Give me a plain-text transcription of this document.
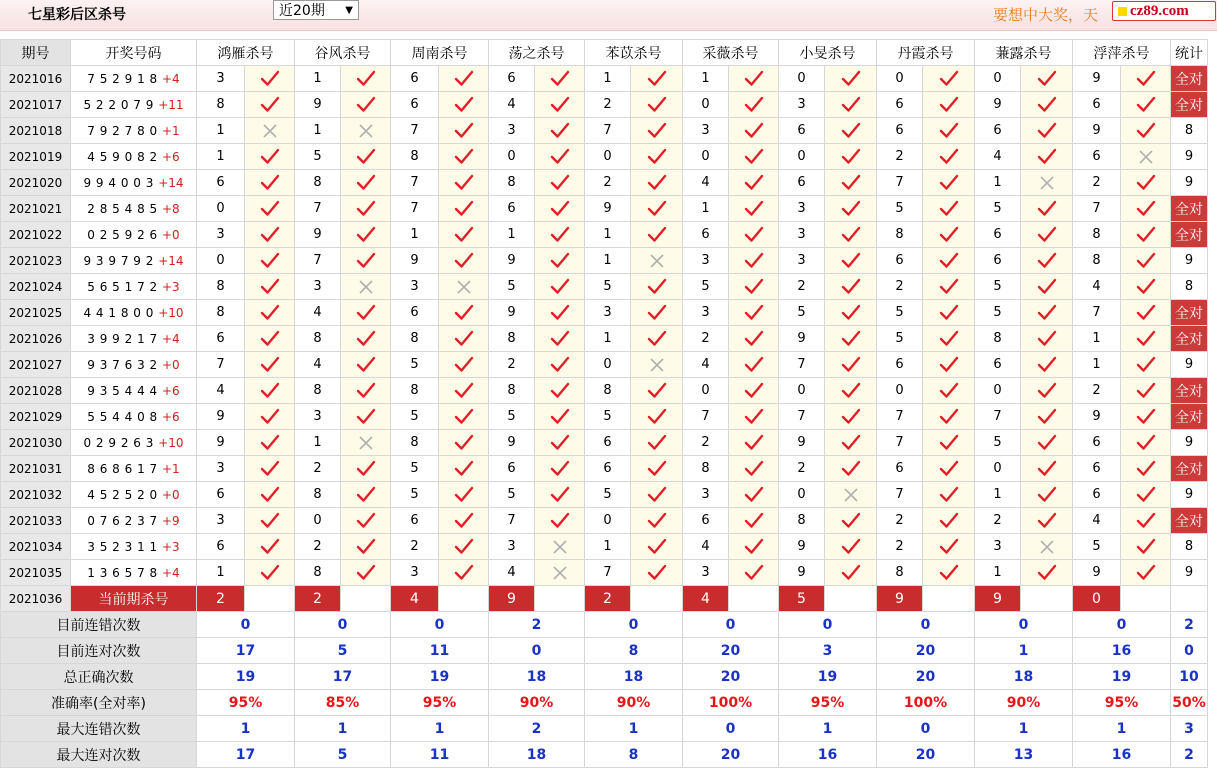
七星彩后区杀号	近20期 ▼	要想中大奖，天 cz89.com
期号	开奖号码	鸿雁杀号		谷风杀号		周南杀号		荡之杀号		苯苡杀号		采薇杀号		小旻杀号		丹霞杀号		蒹露杀号		浮萍杀号		统计
2021016	7 5 2 9 1 8 +4	3		1		6		6		1		1		0		0		0		9		全对
2021017	5 2 2 0 7 9 +11	8		9		6		4		2		0		3		6		9		6		全对
2021018	7 9 2 7 8 0 +1	1		1		7		3		7		3		6		6		6		9		8
2021019	4 5 9 0 8 2 +6	1		5		8		0		0		0		0		2		4		6		9
2021020	9 9 4 0 0 3 +14	6		8		7		8		2		4		6		7		1		2		9
2021021	2 8 5 4 8 5 +8	0		7		7		6		9		1		3		5		5		7		全对
2021022	0 2 5 9 2 6 +0	3		9		1		1		1		6		3		8		6		8		全对
2021023	9 3 9 7 9 2 +14	0		7		9		9		1		3		3		6		6		8		9
2021024	5 6 5 1 7 2 +3	8		3		3		5		5		5		2		2		5		4		8
2021025	4 4 1 8 0 0 +10	8		4		6		9		3		3		5		5		5		7		全对
2021026	3 9 9 2 1 7 +4	6		8		8		8		1		2		9		5		8		1		全对
2021027	9 3 7 6 3 2 +0	7		4		5		2		0		4		7		6		6		1		9
2021028	9 3 5 4 4 4 +6	4		8		8		8		8		0		0		0		0		2		全对
2021029	5 5 4 4 0 8 +6	9		3		5		5		5		7		7		7		7		9		全对
2021030	0 2 9 2 6 3 +10	9		1		8		9		6		2		9		7		5		6		9
2021031	8 6 8 6 1 7 +1	3		2		5		6		6		8		2		6		0		6		全对
2021032	4 5 2 5 2 0 +0	6		8		5		5		5		3		0		7		1		6		9
2021033	0 7 6 2 3 7 +9	3		0		6		7		0		6		8		2		2		4		全对
2021034	3 5 2 3 1 1 +3	6		2		2		3		1		4		9		2		3		5		8
2021035	1 3 6 5 7 8 +4	1		8		3		4		7		3		9		8		1		9		9
2021036	当前期杀号	2		2		4		9		2		4		5		9		9		0		
目前连错次数		0		0		0		2		0		0		0		0		0		0		2
目前连对次数		17		5		11		0		8		20		3		20		1		16		0
总正确次数		19		17		19		18		18		20		19		20		18		19		10
准确率(全对率)		95%		85%		95%		90%		90%		100%		95%		100%		90%		95%		50%
最大连错次数		1		1		1		2		1		0		1		0		1		1		3
最大连对次数		17		5		11		18		8		20		16		20		13		16		2
